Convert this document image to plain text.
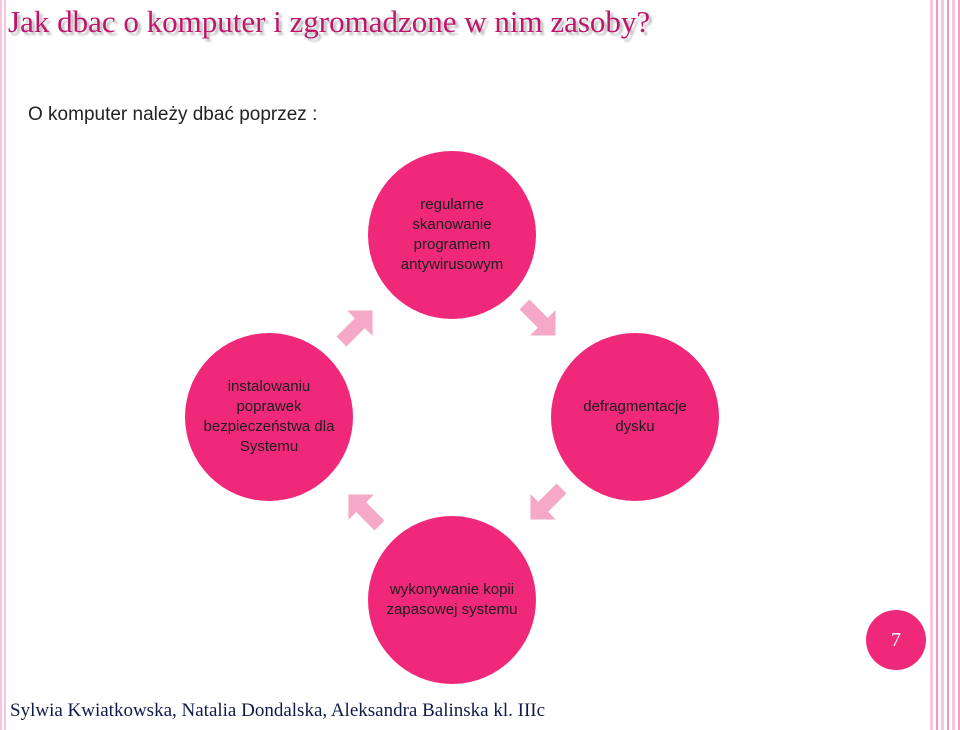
Jak dbac o komputer i zgromadzone w nim zasoby?
O komputer należy dbać poprzez :
regularne skanowanie programem antywirusowym
defragmentacje dysku
wykonywanie kopii zapasowej systemu
instalowaniu poprawek bezpieczeństwa dla Systemu
7
Sylwia Kwiatkowska, Natalia Dondalska, Aleksandra Balinska kl. IIIc
